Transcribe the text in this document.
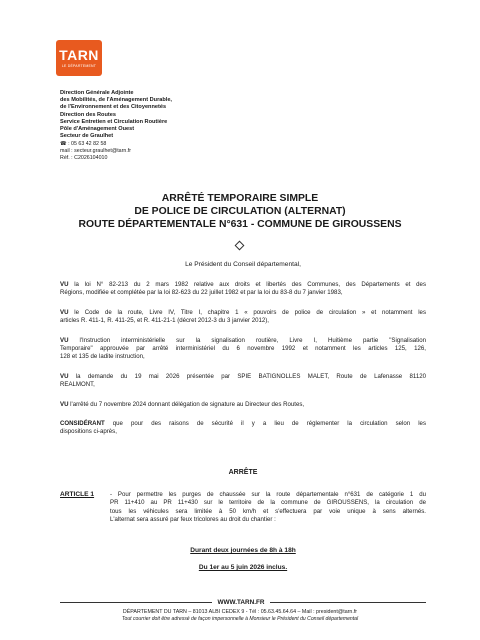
TARN
LE DÉPARTEMENT
Direction Générale Adjointe
des Mobilités, de l'Aménagement Durable,
de l'Environnement et des Citoyennetés
Direction des Routes
Service Entretien et Circulation Routière
Pôle d'Aménagement Ouest
Secteur de Graulhet
☎ : 05 63 42 82 58
mail : secteur.graulhet@tarn.fr
Réf. : C2026104010
ARRÊTÉ TEMPORAIRE SIMPLE
DE POLICE DE CIRCULATION (ALTERNAT)
ROUTE DÉPARTEMENTALE N°631 - COMMUNE DE GIROUSSENS
Le Président du Conseil départemental,
VU la loi N° 82-213 du 2 mars 1982 relative aux droits et libertés des Communes, des Départements et des
Régions, modifiée et complétée par la loi 82-623 du 22 juillet 1982 et par la loi du 83-8 du 7 janvier 1983,
VU le Code de la route, Livre IV, Titre I, chapitre 1 « pouvoirs de police de circulation » et notamment les
articles R. 411-1, R. 411-25, et R. 411-21-1 (décret 2012-3 du 3 janvier 2012),
VU l'Instruction interministérielle sur la signalisation routière, Livre I, Huitième partie "Signalisation
Temporaire" approuvée par arrêté interministériel du 6 novembre 1992 et notamment les articles 125, 126,
128 et 135 de ladite instruction,
VU la demande du 19 mai 2026 présentée par SPIE BATIGNOLLES MALET, Route de Lafenasse 81120
REALMONT,
VU l'arrêté du 7 novembre 2024 donnant délégation de signature au Directeur des Routes,
CONSIDÉRANT que pour des raisons de sécurité il y a lieu de réglementer la circulation selon les
dispositions ci-après,
ARRÊTE
ARTICLE 1	- Pour permettre les purges de chaussée sur la route départementale n°631 de catégorie 1 du
PR 11+410 au PR 11+430 sur le territoire de la commune de GIROUSSENS, la circulation de
tous les véhicules sera limitée à 50 km/h et s'effectuera par voie unique à sens alternés.
L'alternat sera assuré par feux tricolores au droit du chantier :
Durant deux journées de 8h à 18h
Du 1er au 5 juin 2026 inclus.
WWW.TARN.FR
DÉPARTEMENT DU TARN – 81013 ALBI CEDEX 9 - Tél : 05.63.45.64.64 – Mail : president@tarn.fr
Tout courrier doit être adressé de façon impersonnelle à Monsieur le Président du Conseil départemental
